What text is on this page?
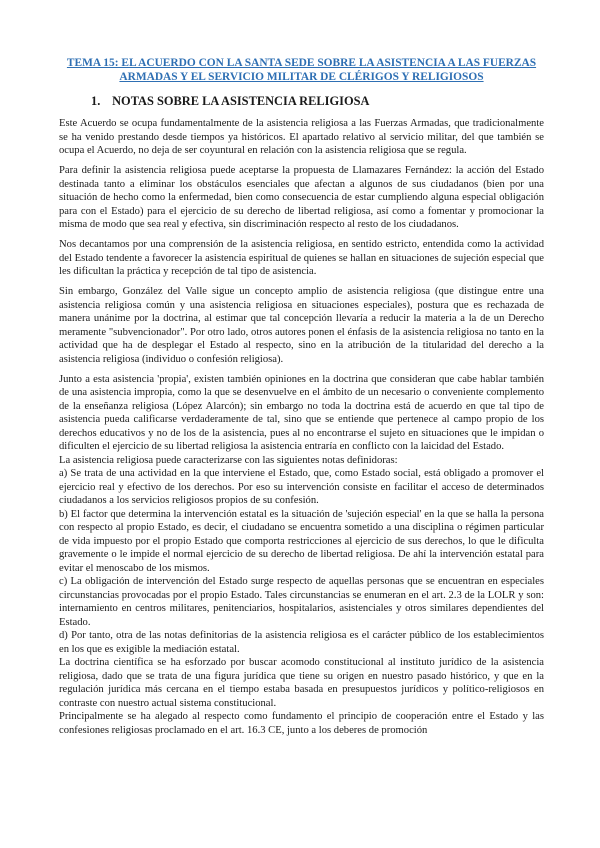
TEMA 15: EL ACUERDO CON LA SANTA SEDE SOBRE LA ASISTENCIA A LAS FUERZAS ARMADAS Y EL SERVICIO MILITAR DE CLÉRIGOS Y RELIGIOSOS
1. NOTAS SOBRE LA ASISTENCIA RELIGIOSA

Este Acuerdo se ocupa fundamentalmente de la asistencia religiosa a las Fuerzas Armadas, que tradicionalmente se ha venido prestando desde tiempos ya históricos. El apartado relativo al servicio militar, del que también se ocupa el Acuerdo, no deja de ser coyuntural en relación con la asistencia religiosa que se regula.

Para definir la asistencia religiosa puede aceptarse la propuesta de Llamazares Fernández: la acción del Estado destinada tanto a eliminar los obstáculos esenciales que afectan a algunos de sus ciudadanos (bien por una situación de hecho como la enfermedad, bien como consecuencia de estar cumpliendo alguna especial obligación para con el Estado) para el ejercicio de su derecho de libertad religiosa, así como a fomentar y promocionar la misma de modo que sea real y efectiva, sin discriminación respecto al resto de los ciudadanos.

Nos decantamos por una comprensión de la asistencia religiosa, en sentido estricto, entendida como la actividad del Estado tendente a favorecer la asistencia espiritual de quienes se hallan en situaciones de sujeción especial que les dificultan la práctica y recepción de tal tipo de asistencia.

Sin embargo, González del Valle sigue un concepto amplio de asistencia religiosa (que distingue entre una asistencia religiosa común y una asistencia religiosa en situaciones especiales), postura que es rechazada de manera unánime por la doctrina, al estimar que tal concepción llevaría a reducir la materia a la de un Derecho meramente "subvencionador". Por otro lado, otros autores ponen el énfasis de la asistencia religiosa no tanto en la actividad que ha de desplegar el Estado al respecto, sino en la atribución de la titularidad del derecho a la asistencia religiosa (individuo o confesión religiosa).

Junto a esta asistencia 'propia', existen también opiniones en la doctrina que consideran que cabe hablar también de una asistencia impropia, como la que se desenvuelve en el ámbito de un necesario o conveniente complemento de la enseñanza religiosa (López Alarcón); sin embargo no toda la doctrina está de acuerdo en que tal tipo de asistencia pueda calificarse verdaderamente de tal, sino que se entiende que pertenece al campo propio de los derechos educativos y no de los de la asistencia, pues al no encontrarse el sujeto en situaciones que le impidan o dificulten el ejercicio de su libertad religiosa la asistencia entraría en conflicto con la laicidad del Estado.

La asistencia religiosa puede caracterizarse con las siguientes notas definidoras:

a) Se trata de una actividad en la que interviene el Estado, que, como Estado social, está obligado a promover el ejercicio real y efectivo de los derechos. Por eso su intervención consiste en facilitar el acceso de determinados ciudadanos a los servicios religiosos propios de su confesión.

b) El factor que determina la intervención estatal es la situación de 'sujeción especial' en la que se halla la persona con respecto al propio Estado, es decir, el ciudadano se encuentra sometido a una disciplina o régimen particular de vida impuesto por el propio Estado que comporta restricciones al ejercicio de sus derechos, lo que le dificulta gravemente o le impide el normal ejercicio de su derecho de libertad religiosa. De ahí la intervención estatal para evitar el menoscabo de los mismos.

c) La obligación de intervención del Estado surge respecto de aquellas personas que se encuentran en especiales circunstancias provocadas por el propio Estado. Tales circunstancias se enumeran en el art. 2.3 de la LOLR y son: internamiento en centros militares, penitenciarios, hospitalarios, asistenciales y otros similares dependientes del Estado.

d) Por tanto, otra de las notas definitorias de la asistencia religiosa es el carácter público de los establecimientos en los que es exigible la mediación estatal.

La doctrina científica se ha esforzado por buscar acomodo constitucional al instituto jurídico de la asistencia religiosa, dado que se trata de una figura jurídica que tiene su origen en nuestro pasado histórico, y que en la regulación jurídica más cercana en el tiempo estaba basada en presupuestos jurídicos y político-religiosos en contraste con nuestro actual sistema constitucional.

Principalmente se ha alegado al respecto como fundamento el principio de cooperación entre el Estado y las confesiones religiosas proclamado en el art. 16.3 CE, junto a los deberes de promoción
